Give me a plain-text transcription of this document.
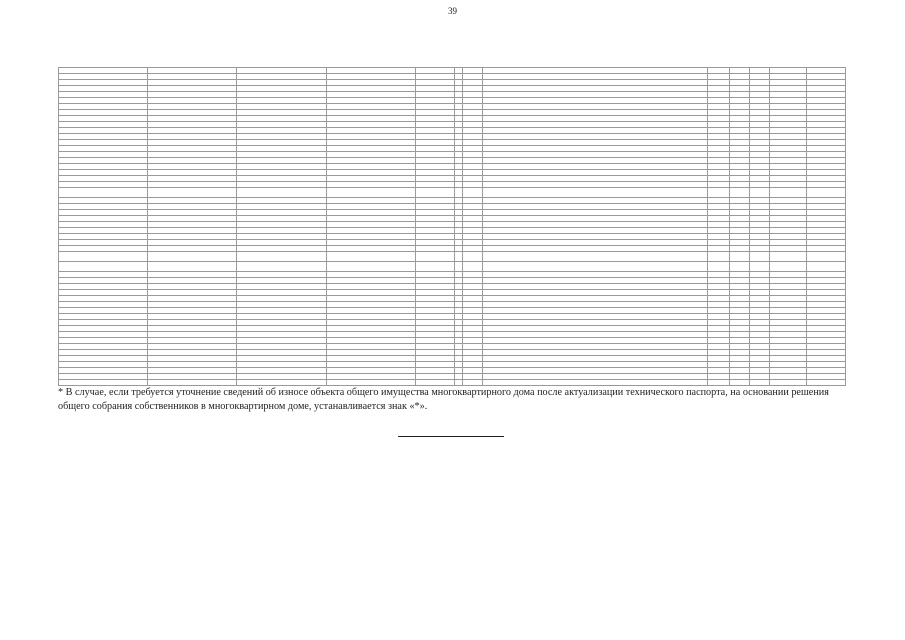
39

* В случае, если требуется уточнение сведений об износе объекта общего имущества многоквартирного дома после актуализации технического паспорта, на основании решения общего собрания собственников в многоквартирном доме, устанавливается знак «*».
